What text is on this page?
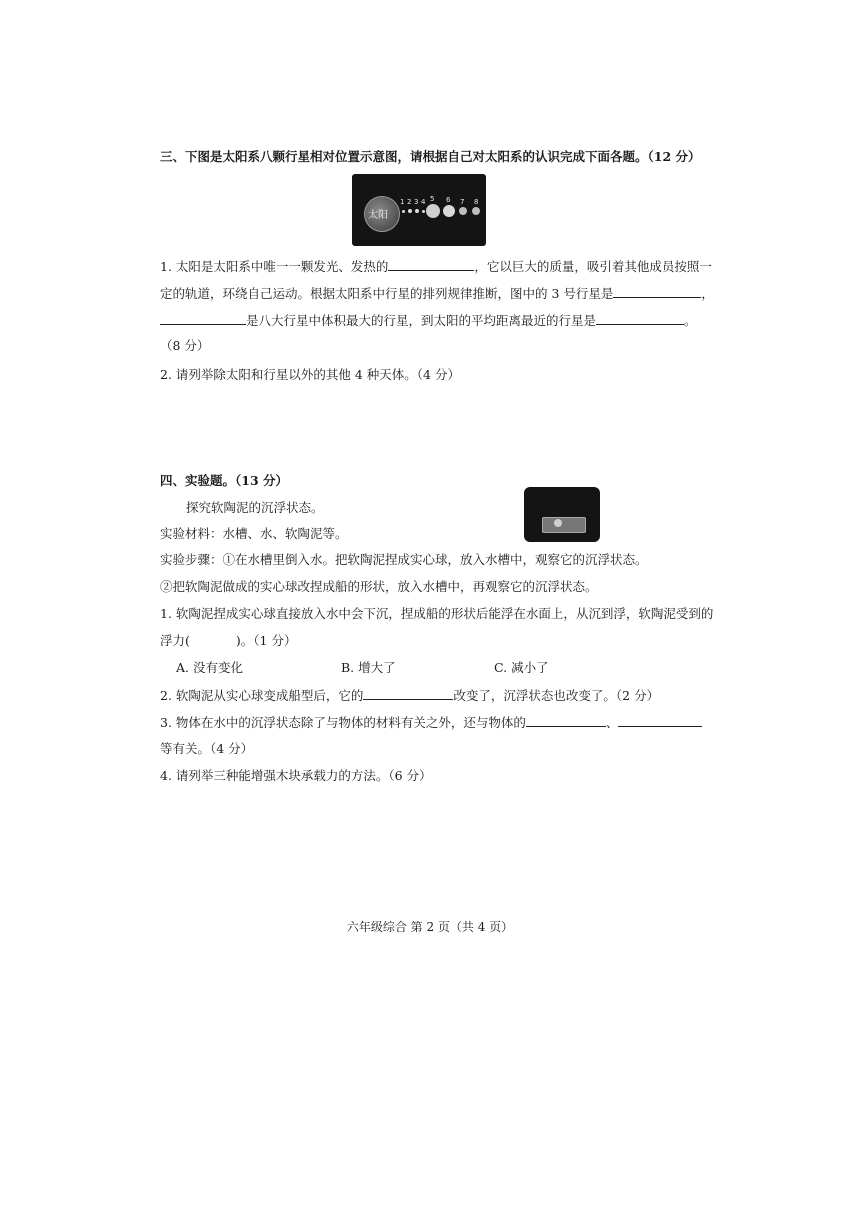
三、下图是太阳系八颗行星相对位置示意图，请根据自己对太阳系的认识完成下面各题。（12 分）
太阳
1 2 3 4 5 6 7 8
1. 太阳是太阳系中唯一一颗发光、发热的	，它以巨大的质量，吸引着其他成员按照一
定的轨道，环绕自己运动。根据太阳系中行星的排列规律推断，图中的 3 号行星是	，
是八大行星中体积最大的行星，到太阳的平均距离最近的行星是	。
（8 分）
2. 请列举除太阳和行星以外的其他 4 种天体。（4 分）
四、实验题。（13 分）
探究软陶泥的沉浮状态。
实验材料：水槽、水、软陶泥等。
实验步骤：①在水槽里倒入水。把软陶泥捏成实心球，放入水槽中，观察它的沉浮状态。
②把软陶泥做成的实心球改捏成船的形状，放入水槽中，再观察它的沉浮状态。
1. 软陶泥捏成实心球直接放入水中会下沉，捏成船的形状后能浮在水面上，从沉到浮，软陶泥受到的
浮力(	)。（1 分）
A. 没有变化	B. 增大了	C. 减小了
2. 软陶泥从实心球变成船型后，它的	改变了，沉浮状态也改变了。（2 分）
3. 物体在水中的沉浮状态除了与物体的材料有关之外，还与物体的	、
等有关。（4 分）
4. 请列举三种能增强木块承载力的方法。（6 分）
六年级综合 第 2 页（共 4 页）
